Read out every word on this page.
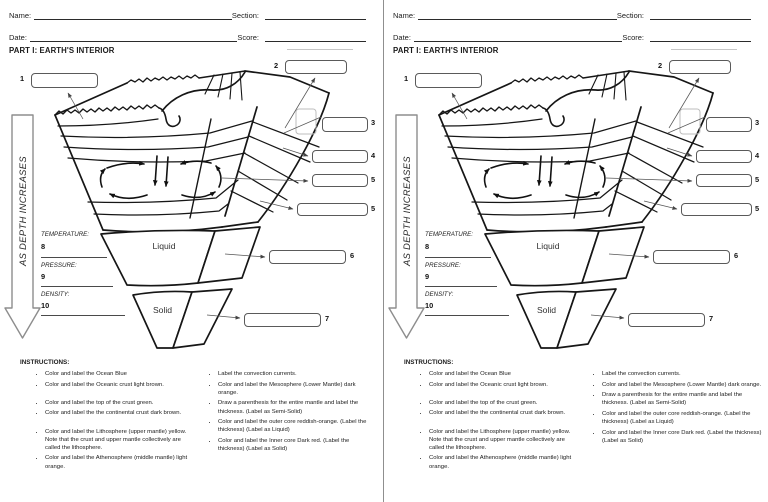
Name:	Section:
Date:	Score:
PART I: EARTH'S INTERIOR
AS DEPTH INCREASES
1
2
3
4
5
5
6
7
TEMPERATURE:
8
PRESSURE:
9
DENSITY:
10
Liquid
Solid
INSTRUCTIONS:
• Color and label the Ocean Blue
• Color and label the Oceanic crust light brown.
• Color and label the top of the crust green.
• Color and label the the continental crust dark brown.
• Color and label the Lithosphere (upper mantle) yellow. Note that the crust and upper mantle collectively are called the lithosphere.
• Color and label the Athenosphere (middle mantle) light orange.
• Label the convection currents.
• Color and label the Mesosphere (Lower Mantle) dark orange.
• Draw a parenthesis for the entire mantle and label the thickness. (Label as Semi-Solid)
• Color and label the outer core reddish-orange. (Label the thickness) (Label as Liquid)
• Color and label the Inner core Dark red. (Label the thickness) (Label as Solid)
Name:	Section:
Date:	Score:
PART I: EARTH'S INTERIOR
AS DEPTH INCREASES
1
2
3
4
5
5
6
7
TEMPERATURE:
8
PRESSURE:
9
DENSITY:
10
Liquid
Solid
INSTRUCTIONS:
• Color and label the Ocean Blue
• Color and label the Oceanic crust light brown.
• Color and label the top of the crust green.
• Color and label the the continental crust dark brown.
• Color and label the Lithosphere (upper mantle) yellow. Note that the crust and upper mantle collectively are called the lithosphere.
• Color and label the Athenosphere (middle mantle) light orange.
• Label the convection currents.
• Color and label the Mesosphere (Lower Mantle) dark orange.
• Draw a parenthesis for the entire mantle and label the thickness. (Label as Semi-Solid)
• Color and label the outer core reddish-orange. (Label the thickness) (Label as Liquid)
• Color and label the Inner core Dark red. (Label the thickness) (Label as Solid)
